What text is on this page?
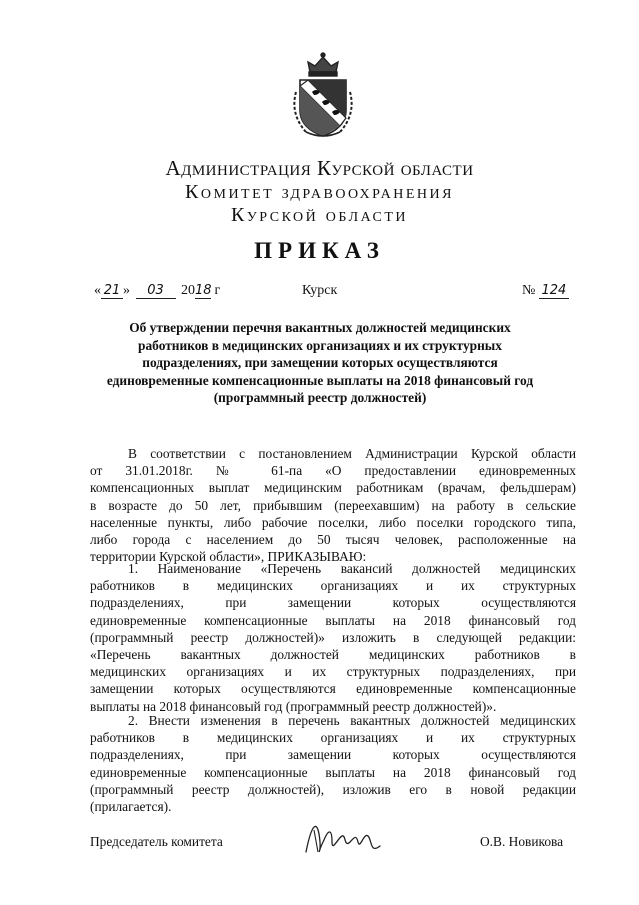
Администрация Курской области
Комитет здравоохранения
Курской области
ПРИКАЗ
« 21 » 03 2018 г	Курск	№ 124
Об утверждении перечня вакантных должностей медицинских
работников в медицинских организациях и их структурных
подразделениях, при замещении которых осуществляются
единовременные компенсационные выплаты на 2018 финансовый год
(программный реестр должностей)
В соответствии с постановлением Администрации Курской области
от 31.01.2018г. № 61-па «О предоставлении единовременных
компенсационных выплат медицинским работникам (врачам, фельдшерам)
в возрасте до 50 лет, прибывшим (переехавшим) на работу в сельские
населенные пункты, либо рабочие поселки, либо поселки городского типа,
либо города с населением до 50 тысяч человек, расположенные на
территории Курской области», ПРИКАЗЫВАЮ:
1. Наименование «Перечень вакансий должностей медицинских
работников в медицинских организациях и их структурных
подразделениях, при замещении которых осуществляются
единовременные компенсационные выплаты на 2018 финансовый год
(программный реестр должностей)» изложить в следующей редакции:
«Перечень вакантных должностей медицинских работников в
медицинских организациях и их структурных подразделениях, при
замещении которых осуществляются единовременные компенсационные
выплаты на 2018 финансовый год (программный реестр должностей)».
2. Внести изменения в перечень вакантных должностей медицинских
работников в медицинских организациях и их структурных
подразделениях, при замещении которых осуществляются
единовременные компенсационные выплаты на 2018 финансовый год
(программный реестр должностей), изложив его в новой редакции
(прилагается).
Председатель комитета	О.В. Новикова
